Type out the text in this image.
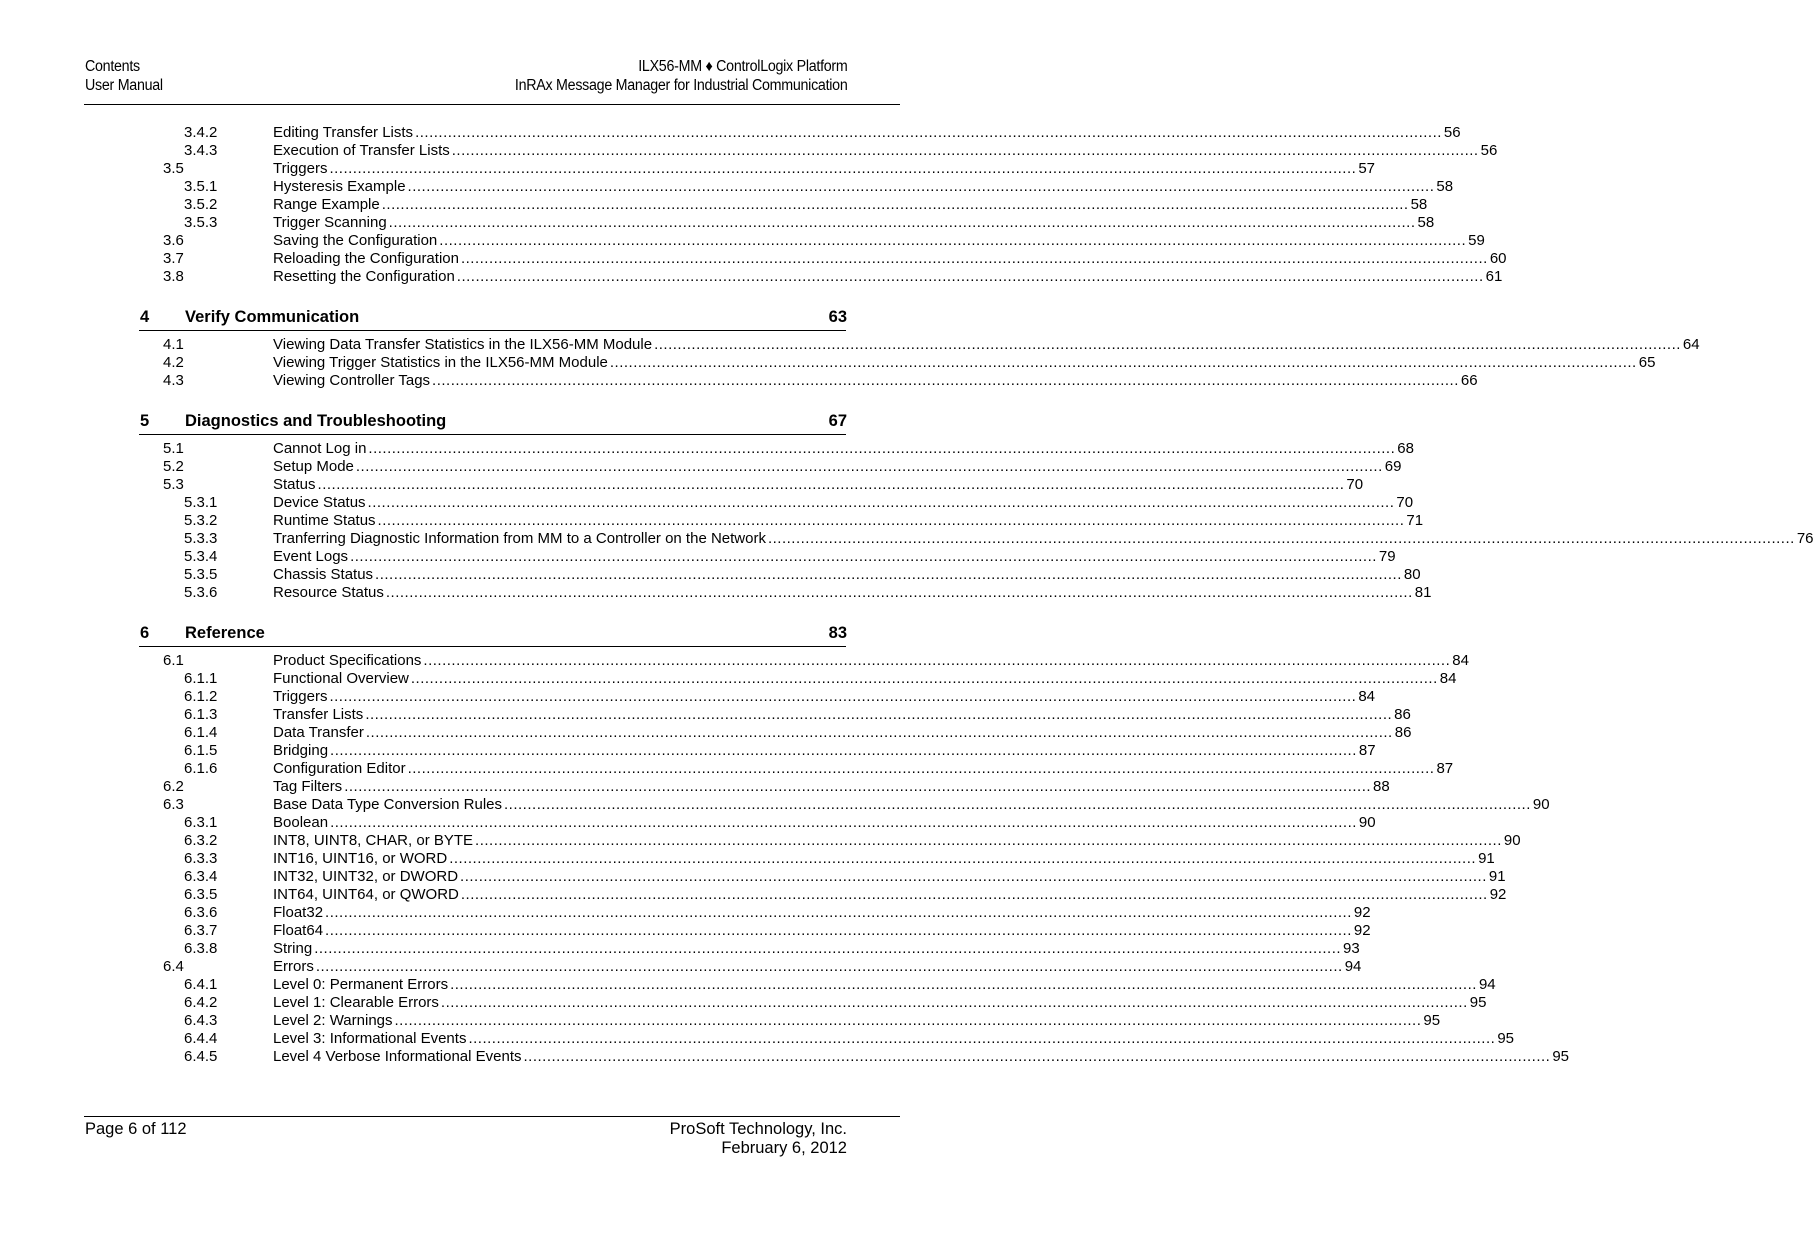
Contents
User Manual
ILX56-MM ♦ ControlLogix Platform
InRAx Message Manager for Industrial Communication
3.4.2	Editing Transfer Lists ............................................................................................................................................................................................................................ 56
3.4.3	Execution of Transfer Lists ............................................................................................................................................................................................................................ 56
3.5	Triggers ............................................................................................................................................................................................................................ 57
3.5.1	Hysteresis Example ............................................................................................................................................................................................................................ 58
3.5.2	Range Example ............................................................................................................................................................................................................................ 58
3.5.3	Trigger Scanning ............................................................................................................................................................................................................................ 58
3.6	Saving the Configuration ............................................................................................................................................................................................................................ 59
3.7	Reloading the Configuration ............................................................................................................................................................................................................................ 60
3.8	Resetting the Configuration ............................................................................................................................................................................................................................ 61
4 Verify Communication	63
4.1	Viewing Data Transfer Statistics in the ILX56-MM Module ............................................................................................................................................................................................................................ 64
4.2	Viewing Trigger Statistics in the ILX56-MM Module ............................................................................................................................................................................................................................ 65
4.3	Viewing Controller Tags ............................................................................................................................................................................................................................ 66
5 Diagnostics and Troubleshooting	67
5.1	Cannot Log in ............................................................................................................................................................................................................................ 68
5.2	Setup Mode ............................................................................................................................................................................................................................ 69
5.3	Status ............................................................................................................................................................................................................................ 70
5.3.1	Device Status ............................................................................................................................................................................................................................ 70
5.3.2	Runtime Status ............................................................................................................................................................................................................................ 71
5.3.3	Tranferring Diagnostic Information from MM to a Controller on the Network ............................................................................................................................................................................................................................ 76
5.3.4	Event Logs ............................................................................................................................................................................................................................ 79
5.3.5	Chassis Status ............................................................................................................................................................................................................................ 80
5.3.6	Resource Status ............................................................................................................................................................................................................................ 81
6 Reference	83
6.1	Product Specifications ............................................................................................................................................................................................................................ 84
6.1.1	Functional Overview ............................................................................................................................................................................................................................ 84
6.1.2	Triggers ............................................................................................................................................................................................................................ 84
6.1.3	Transfer Lists ............................................................................................................................................................................................................................ 86
6.1.4	Data Transfer ............................................................................................................................................................................................................................ 86
6.1.5	Bridging ............................................................................................................................................................................................................................ 87
6.1.6	Configuration Editor ............................................................................................................................................................................................................................ 87
6.2	Tag Filters ............................................................................................................................................................................................................................ 88
6.3	Base Data Type Conversion Rules ............................................................................................................................................................................................................................ 90
6.3.1	Boolean ............................................................................................................................................................................................................................ 90
6.3.2	INT8, UINT8, CHAR, or BYTE ............................................................................................................................................................................................................................ 90
6.3.3	INT16, UINT16, or WORD ............................................................................................................................................................................................................................ 91
6.3.4	INT32, UINT32, or DWORD ............................................................................................................................................................................................................................ 91
6.3.5	INT64, UINT64, or QWORD ............................................................................................................................................................................................................................ 92
6.3.6	Float32 ............................................................................................................................................................................................................................ 92
6.3.7	Float64 ............................................................................................................................................................................................................................ 92
6.3.8	String ............................................................................................................................................................................................................................ 93
6.4	Errors ............................................................................................................................................................................................................................ 94
6.4.1	Level 0: Permanent Errors ............................................................................................................................................................................................................................ 94
6.4.2	Level 1: Clearable Errors ............................................................................................................................................................................................................................ 95
6.4.3	Level 2: Warnings ............................................................................................................................................................................................................................ 95
6.4.4	Level 3: Informational Events ............................................................................................................................................................................................................................ 95
6.4.5	Level 4 Verbose Informational Events ............................................................................................................................................................................................................................ 95
Page 6 of 112	ProSoft Technology, Inc.
February 6, 2012
